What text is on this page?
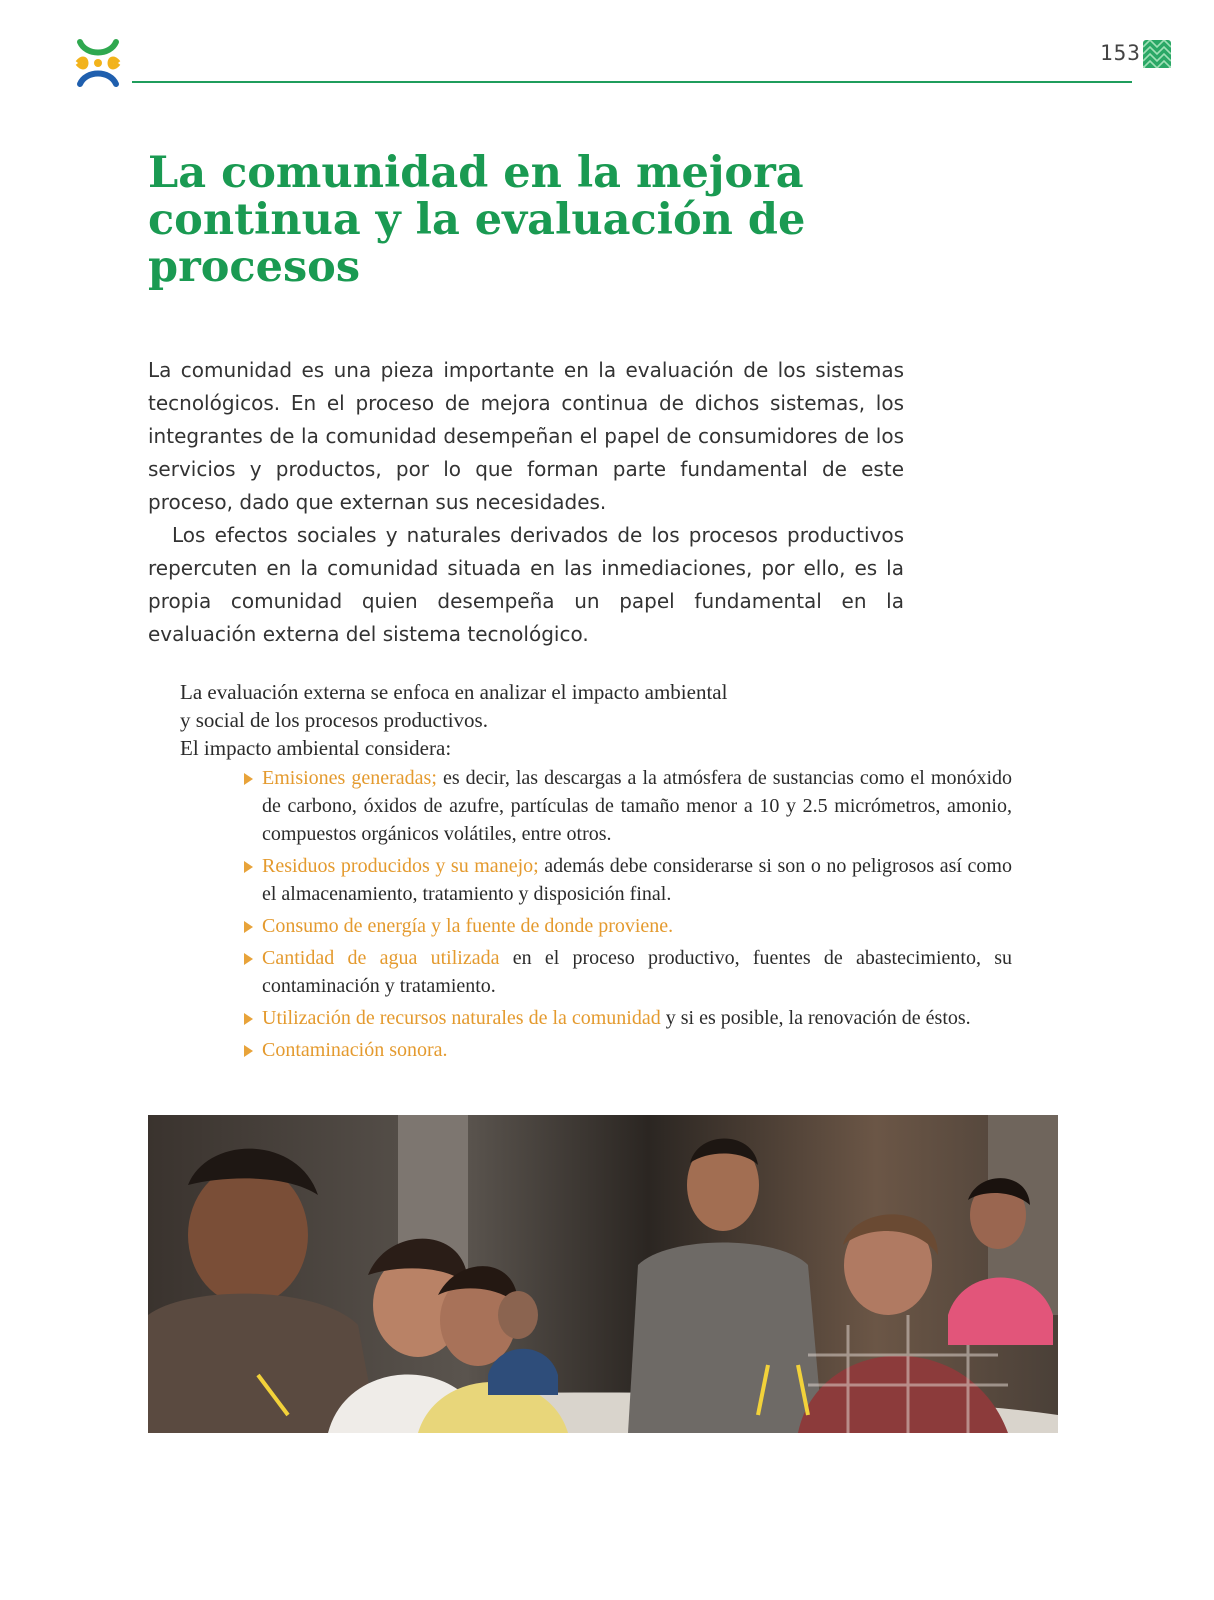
153
La comunidad en la mejora
continua y la evaluación de
procesos

La comunidad es una pieza importante en la evaluación de los sistemas tecnológicos. En el proceso de mejora continua de dichos sistemas, los integrantes de la comunidad desempeñan el papel de consumidores de los servicios y productos, por lo que forman parte fundamental de este proceso, dado que externan sus necesidades.

Los efectos sociales y naturales derivados de los procesos productivos repercuten en la comunidad situada en las inmediaciones, por ello, es la propia comunidad quien desempeña un papel fundamental en la evaluación externa del sistema tecnológico.

La evaluación externa se enfoca en analizar el impacto ambiental

y social de los procesos productivos.

El impacto ambiental considera:

Emisiones generadas; es decir, las descargas a la atmósfera de sustancias como el monóxido de carbono, óxidos de azufre, partículas de tamaño menor a 10 y 2.5 micrómetros, amonio, compuestos orgánicos volátiles, entre otros.
Residuos producidos y su manejo; además debe considerarse si son o no peligrosos así como el almacenamiento, tratamiento y disposición final.
Consumo de energía y la fuente de donde proviene.
Cantidad de agua utilizada en el proceso productivo, fuentes de abastecimiento, su contaminación y tratamiento.
Utilización de recursos naturales de la comunidad y si es posible, la renovación de éstos.
Contaminación sonora.
